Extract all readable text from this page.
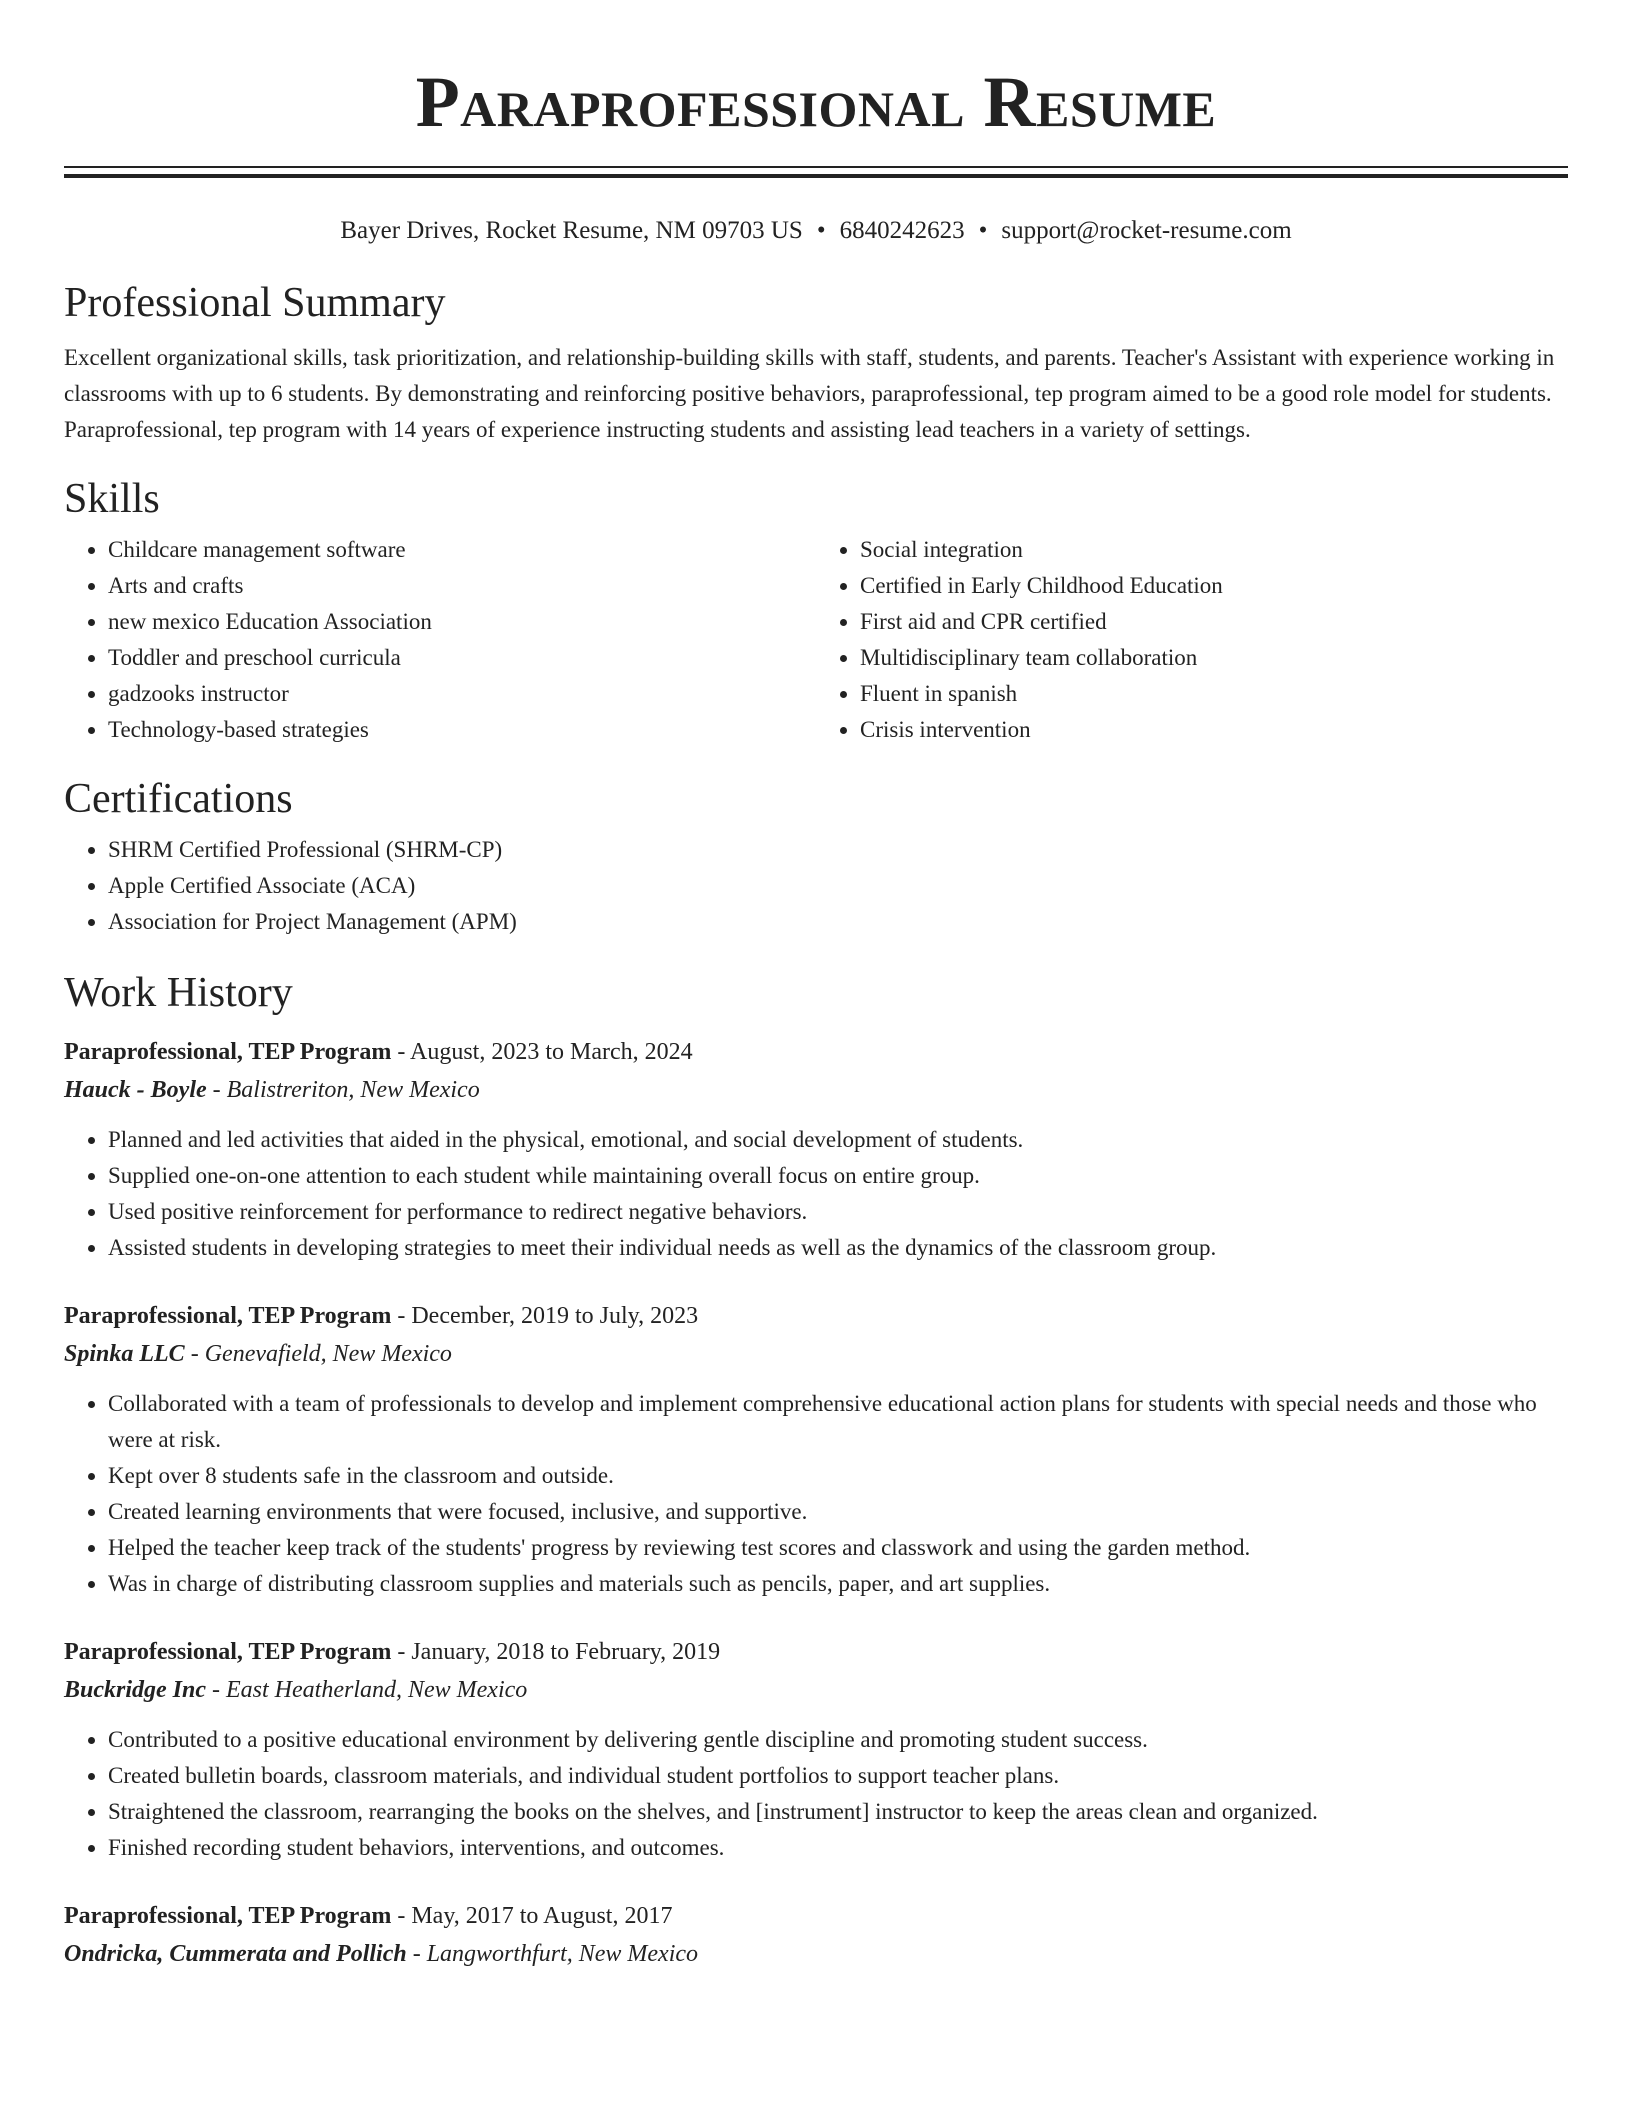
Paraprofessional Resume
Bayer Drives, Rocket Resume, NM 09703 US • 6840242623 • support@rocket-resume.com
Professional Summary

Excellent organizational skills, task prioritization, and relationship-building skills with staff, students, and parents. Teacher's Assistant with experience working in classrooms with up to 6 students. By demonstrating and reinforcing positive behaviors, paraprofessional, tep program aimed to be a good role model for students. Paraprofessional, tep program with 14 years of experience instructing students and assisting lead teachers in a variety of settings.

Skills
• Childcare management software
• Arts and crafts
• new mexico Education Association
• Toddler and preschool curricula
• gadzooks instructor
• Technology-based strategies
• Social integration
• Certified in Early Childhood Education
• First aid and CPR certified
• Multidisciplinary team collaboration
• Fluent in spanish
• Crisis intervention
Certifications
• SHRM Certified Professional (SHRM-CP)
• Apple Certified Associate (ACA)
• Association for Project Management (APM)
Work History

Paraprofessional, TEP Program - August, 2023 to March, 2024

Hauck - Boyle - Balistreriton, New Mexico

• Planned and led activities that aided in the physical, emotional, and social development of students.
• Supplied one-on-one attention to each student while maintaining overall focus on entire group.
• Used positive reinforcement for performance to redirect negative behaviors.
• Assisted students in developing strategies to meet their individual needs as well as the dynamics of the classroom group.

Paraprofessional, TEP Program - December, 2019 to July, 2023

Spinka LLC - Genevafield, New Mexico

• Collaborated with a team of professionals to develop and implement comprehensive educational action plans for students with special needs and those who were at risk.
• Kept over 8 students safe in the classroom and outside.
• Created learning environments that were focused, inclusive, and supportive.
• Helped the teacher keep track of the students' progress by reviewing test scores and classwork and using the garden method.
• Was in charge of distributing classroom supplies and materials such as pencils, paper, and art supplies.

Paraprofessional, TEP Program - January, 2018 to February, 2019

Buckridge Inc - East Heatherland, New Mexico

• Contributed to a positive educational environment by delivering gentle discipline and promoting student success.
• Created bulletin boards, classroom materials, and individual student portfolios to support teacher plans.
• Straightened the classroom, rearranging the books on the shelves, and [instrument] instructor to keep the areas clean and organized.
• Finished recording student behaviors, interventions, and outcomes.

Paraprofessional, TEP Program - May, 2017 to August, 2017

Ondricka, Cummerata and Pollich - Langworthfurt, New Mexico
